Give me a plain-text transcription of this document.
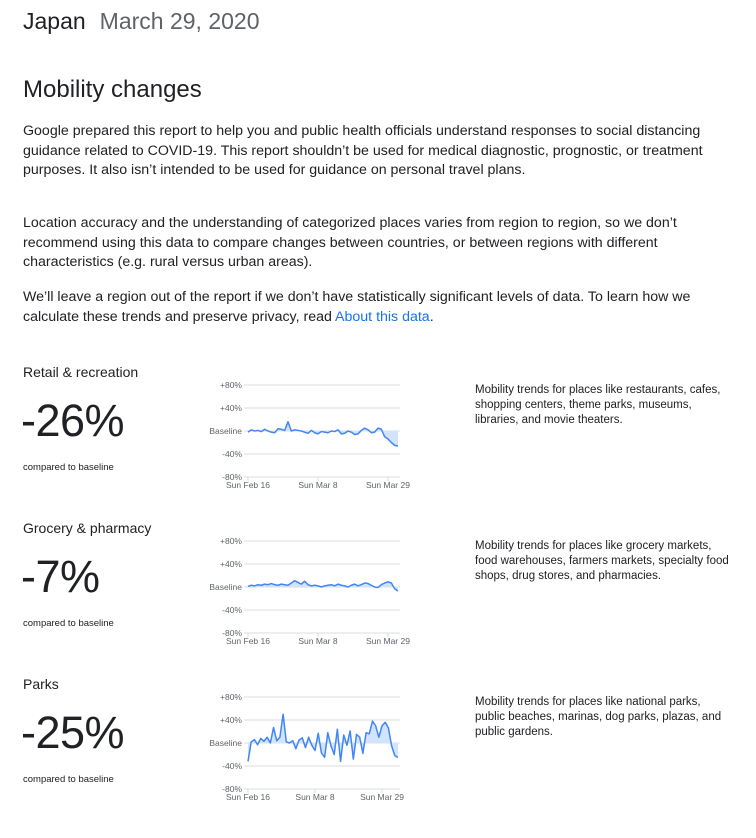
Japan March 29, 2020
Mobility changes

Google prepared this report to help you and public health officials understand responses to social distancing guidance related to COVID-19. This report shouldn’t be used for medical diagnostic, prognostic, or treatment purposes. It also isn’t intended to be used for guidance on personal travel plans.

Location accuracy and the understanding of categorized places varies from region to region, so we don’t recommend using this data to compare changes between countries, or between regions with different characteristics (e.g. rural versus urban areas).

We’ll leave a region out of the report if we don’t have statistically significant levels of data. To learn how we calculate these trends and preserve privacy, read About this data.

Retail & recreation
-26%
compared to baseline
+80%
+40%
Baseline
-40%
-80%
Sun Feb 16	Sun Mar 8	Sun Mar 29

Mobility trends for places like restaurants, cafes, shopping centers, theme parks, museums, libraries, and movie theaters.

Grocery & pharmacy
-7%
compared to baseline
+80%
+40%
Baseline
-40%
-80%
Sun Feb 16	Sun Mar 8	Sun Mar 29

Mobility trends for places like grocery markets, food warehouses, farmers markets, specialty food shops, drug stores, and pharmacies.

Parks
-25%
compared to baseline
+80%
+40%
Baseline
-40%
-80%
Sun Feb 16	Sun Mar 8	Sun Mar 29

Mobility trends for places like national parks, public beaches, marinas, dog parks, plazas, and public gardens.
